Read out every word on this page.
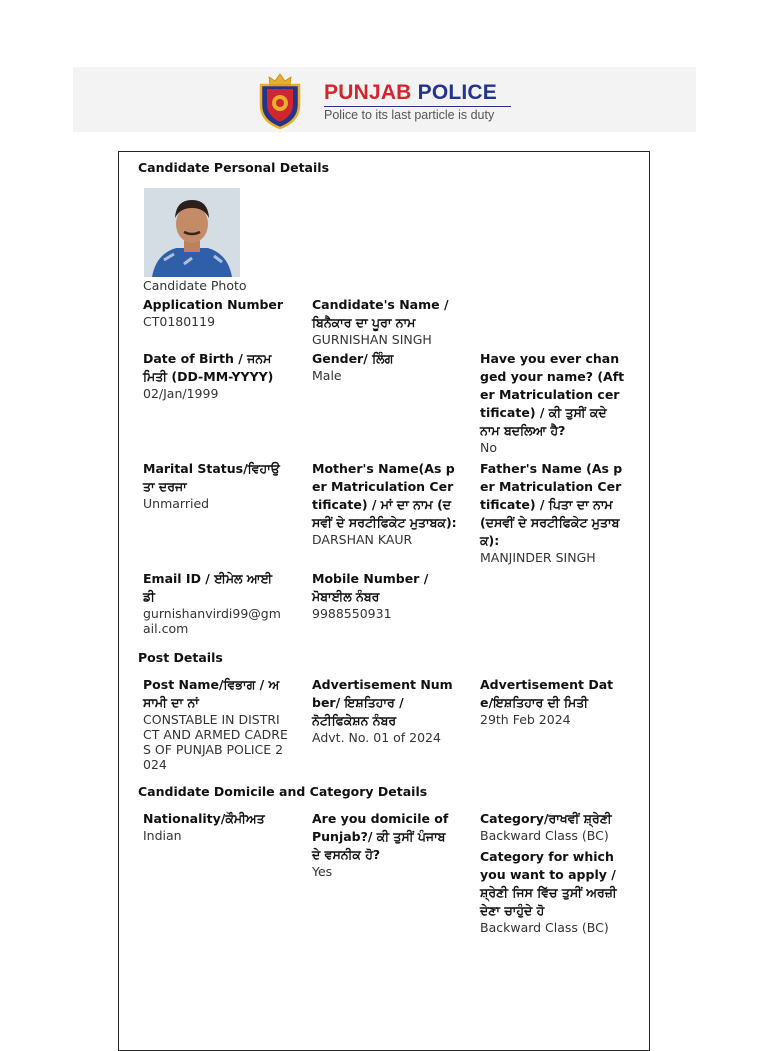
PUNJAB POLICE
Police to its last particle is duty
Candidate Personal Details
Candidate Photo
Application Number
CT0180119
Candidate's Name / ਬਿਨੈਕਾਰ ਦਾ ਪੂਰਾ ਨਾਮ
GURNISHAN SINGH
Date of Birth / ਜਨਮ ਮਿਤੀ (DD-MM-YYYY)
02/Jan/1999
Gender/ ਲਿੰਗ
Male
Have you ever changed your name? (After Matriculation certificate) / ਕੀ ਤੁਸੀਂ ਕਦੇ ਨਾਮ ਬਦਲਿਆ ਹੈ?
No
Marital Status/ਵਿਹਾਉਤਾ ਦਰਜਾ
Unmarried
Mother's Name(As per Matriculation Certificate) / ਮਾਂ ਦਾ ਨਾਮ (ਦਸਵੀਂ ਦੇ ਸਰਟੀਫਿਕੇਟ ਮੁਤਾਬਕ):
DARSHAN KAUR
Father's Name (As per Matriculation Certificate) / ਪਿਤਾ ਦਾ ਨਾਮ (ਦਸਵੀਂ ਦੇ ਸਰਟੀਫਿਕੇਟ ਮੁਤਾਬਕ):
MANJINDER SINGH
Email ID / ਈਮੇਲ ਆਈ ਡੀ
gurnishanvirdi99@gmail.com
Mobile Number / ਮੋਬਾਈਲ ਨੰਬਰ
9988550931
Post Details
Post Name/ਵਿਭਾਗ / ਅਸਾਮੀ ਦਾ ਨਾਂ
CONSTABLE IN DISTRICT AND ARMED CADRES OF PUNJAB POLICE 2024
Advertisement Number/ ਇਸ਼ਤਿਹਾਰ / ਨੋਟੀਫਿਕੇਸ਼ਨ ਨੰਬਰ
Advt. No. 01 of 2024
Advertisement Date/ਇਸ਼ਤਿਹਾਰ ਦੀ ਮਿਤੀ
29th Feb 2024
Candidate Domicile and Category Details
Nationality/ਕੌਮੀਅਤ
Indian
Are you domicile of Punjab?/ ਕੀ ਤੁਸੀਂ ਪੰਜਾਬ ਦੇ ਵਸਨੀਕ ਹੋ?
Yes
Category/ਰਾਖਵੀਂ ਸ਼੍ਰੇਣੀ
Backward Class (BC)
Category for which you want to apply / ਸ਼੍ਰੇਣੀ ਜਿਸ ਵਿੱਚ ਤੁਸੀਂ ਅਰਜ਼ੀ ਦੇਣਾ ਚਾਹੁੰਦੇ ਹੋ
Backward Class (BC)
